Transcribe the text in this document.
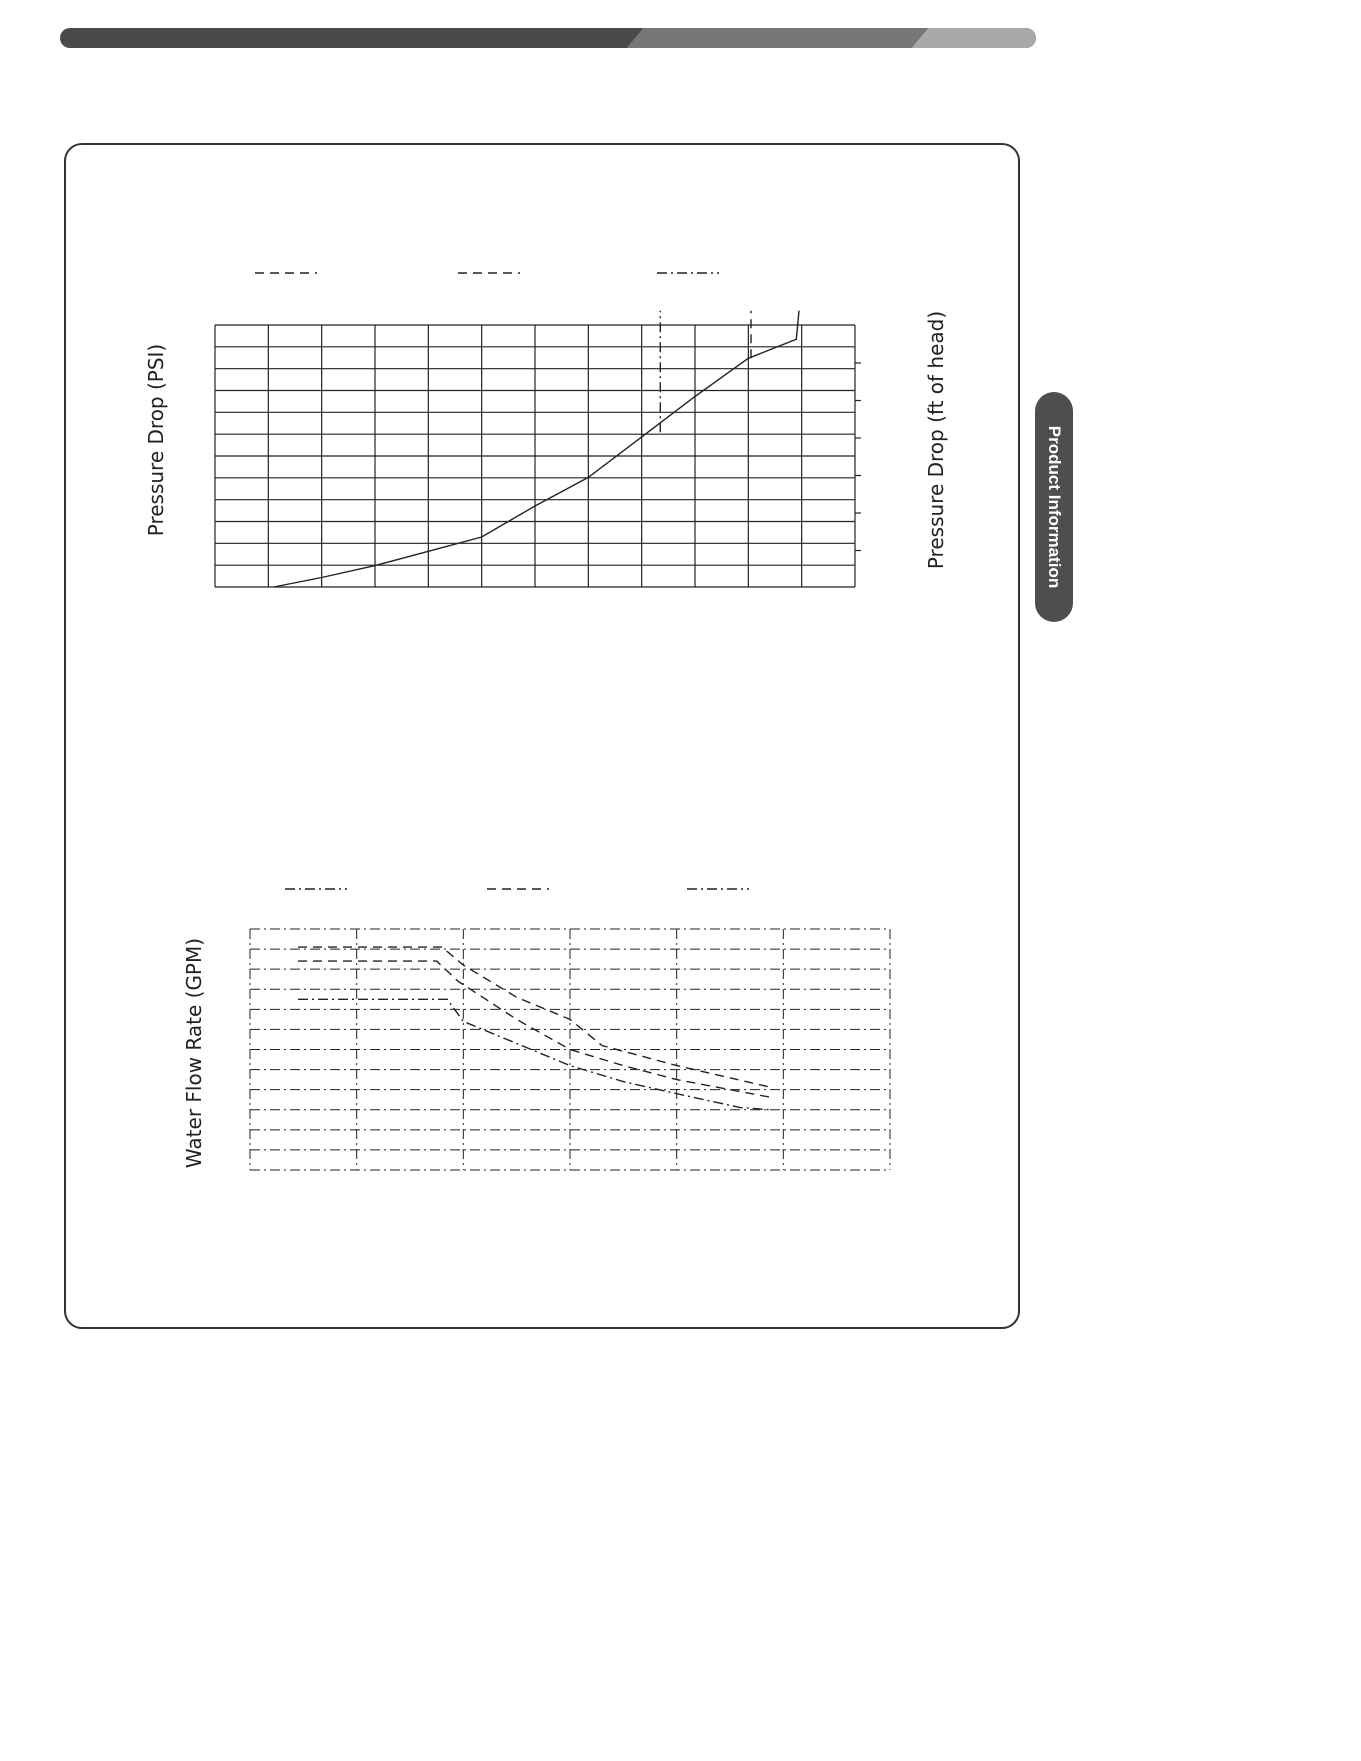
Product Information
Pressure Drop (PSI)	Pressure Drop (ft of head)
Water Flow Rate (GPM)
